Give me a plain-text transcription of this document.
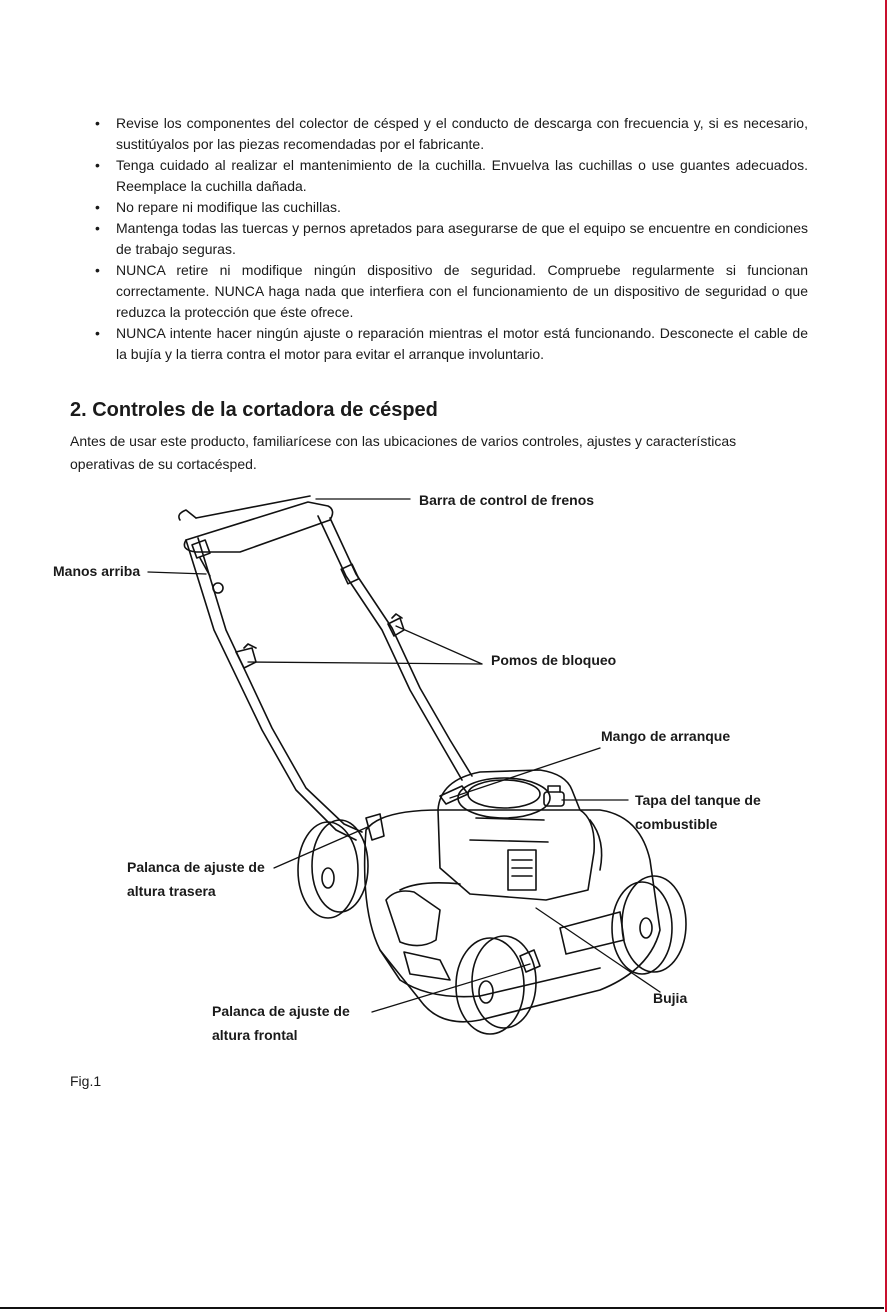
• Revise los componentes del colector de césped y el conducto de descarga con frecuencia y, si es necesario, sustitúyalos por las piezas recomendadas por el fabricante.
• Tenga cuidado al realizar el mantenimiento de la cuchilla. Envuelva las cuchillas o use guantes adecuados. Reemplace la cuchilla dañada.
• No repare ni modifique las cuchillas.
• Mantenga todas las tuercas y pernos apretados para asegurarse de que el equipo se encuentre en condiciones de trabajo seguras.
• NUNCA retire ni modifique ningún dispositivo de seguridad. Compruebe regularmente si funcionan correctamente. NUNCA haga nada que interfiera con el funcionamiento de un dispositivo de seguridad o que reduzca la protección que éste ofrece.
• NUNCA intente hacer ningún ajuste o reparación mientras el motor está funcionando. Desconecte el cable de la bujía y la tierra contra el motor para evitar el arranque involuntario.
2. Controles de la cortadora de césped

Antes de usar este producto, familiarícese con las ubicaciones de varios controles, ajustes y características
operativas de su cortacésped.

Barra de control de frenos
Manos arriba
Pomos de bloqueo
Mango de arranque
Tapa del tanque de
combustible
Palanca de ajuste de
altura trasera
Palanca de ajuste de
altura frontal
Bujia
Fig.1
